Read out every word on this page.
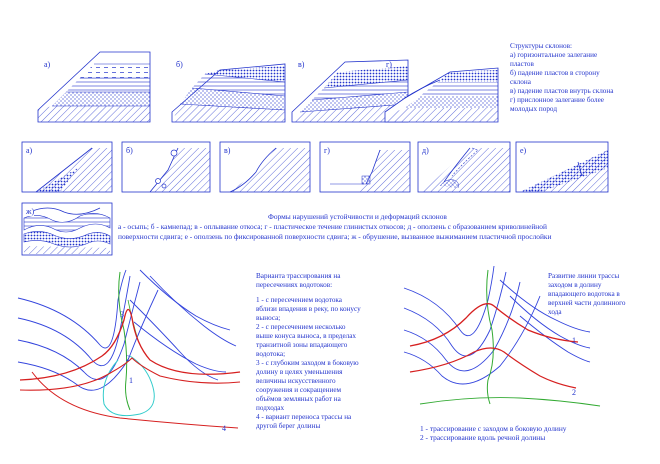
а)	б)	в)	г)
Структуры склонов:
а) горизонтальное залегание
пластов
б) падение пластов в сторону
склона
в) падение пластов внутрь склона
г) прислонное залегание более
молодых пород
а)	б)	в)	г)	д)	е)
ж)
Формы нарушений устойчивости и деформаций склонов
а - осыпь; б - камнепад; в - оплывание откоса; г - пластическое течение глинистых откосов; д - оползень с образованием криволинейной
поверхности сдвига; е - оползень по фиксированной поверхности сдвига; ж - обрушение, вызванное выжиманием пластичной прослойки
Варианта трассирования на
пересечениях водотоков:
1 - с пересечением водотока
вблизи впадения в реку, по конусу
выноса;
2 - с пересечением несколько
выше конуса выноса, в пределах
транзитной зоны впадающего
водотока;
3 - с глубоким заходом в боковую
долину в целях уменьшения
величины искусственного
сооружения и сокращением
объёмов земляных работ на
подходах
4 - вариант переноса трассы на
другой берег долины
1
2
3
4
Развитие линии трассы
заходом в долину
впадающего водотока в
верхней части долинного
хода
1
2
1 - трассирование с заходом в боковую долину
2 - трассирование вдоль речной долины
